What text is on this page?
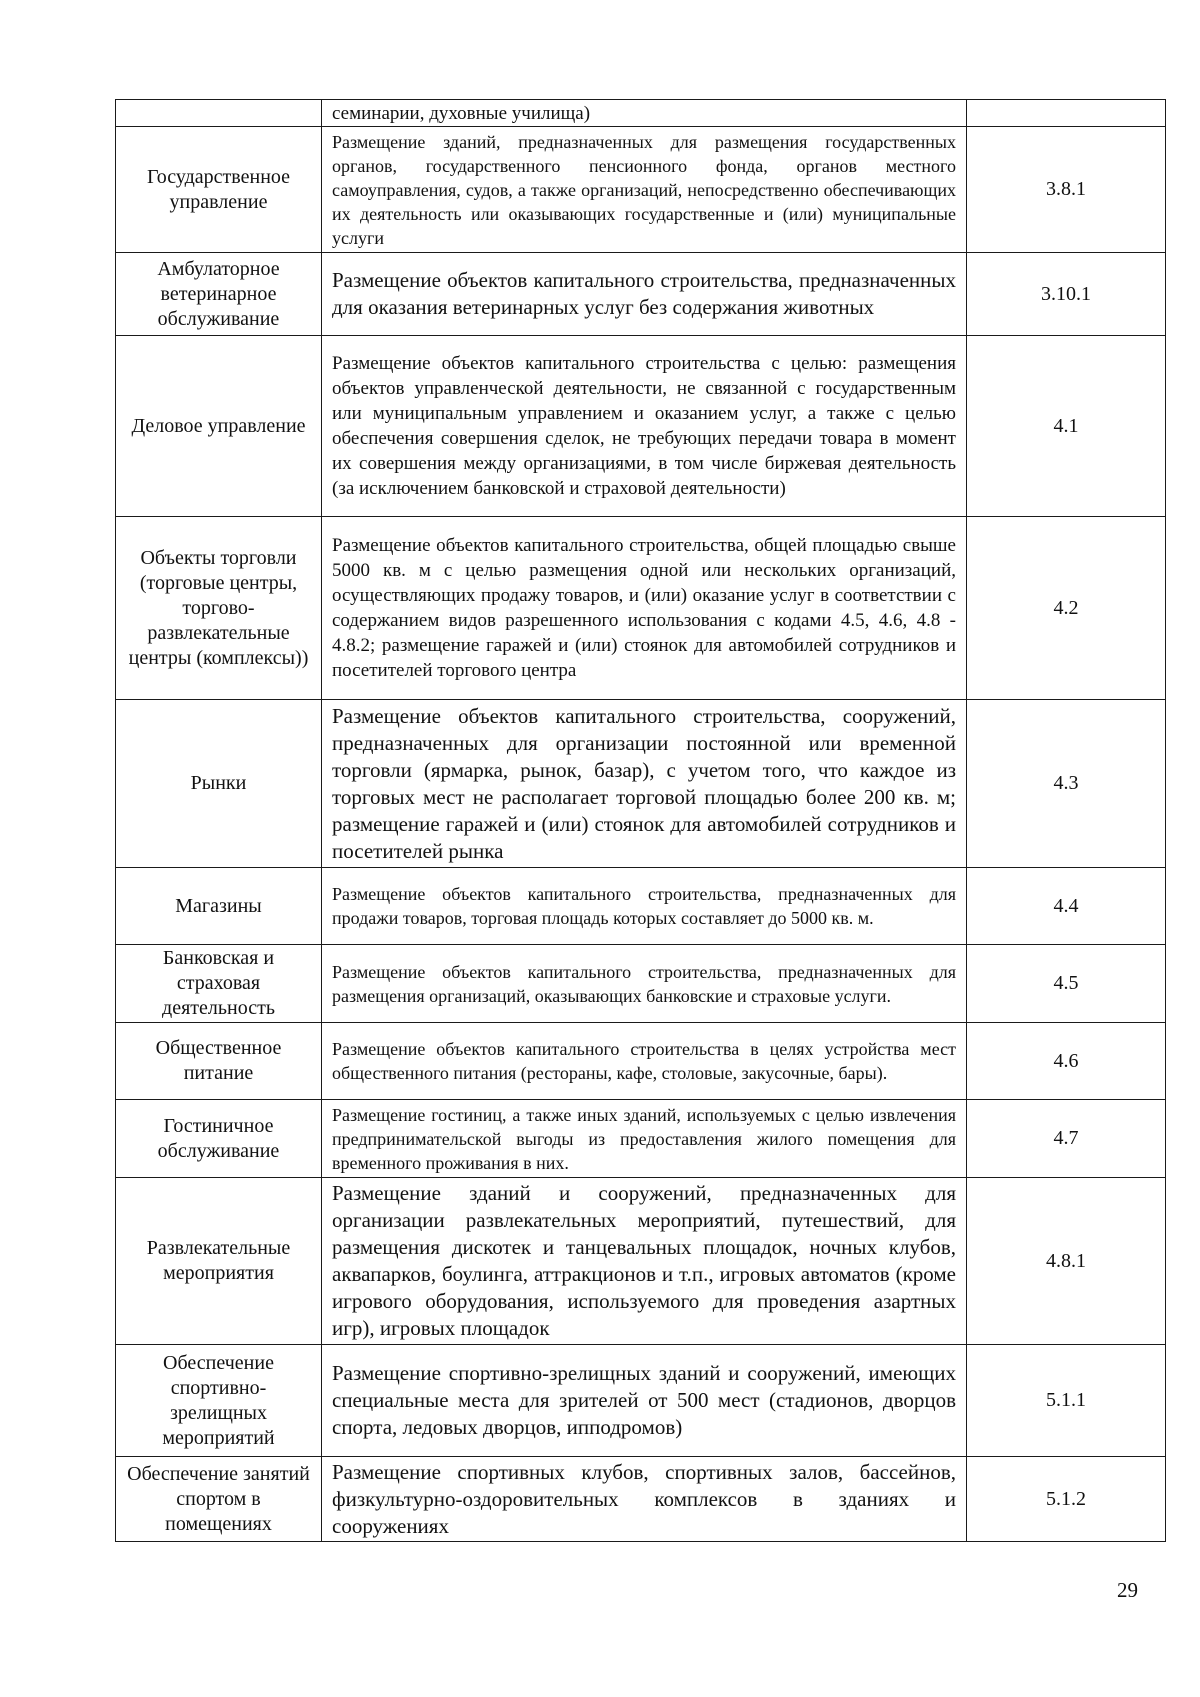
	семинарии, духовные училища)	
Государственное управление	Размещение зданий, предназначенных для размещения государственных органов, государственного пенсионного фонда, органов местного самоуправления, судов, а также организаций, непосредственно обеспечивающих их деятельность или оказывающих государственные и (или) муниципальные услуги	3.8.1
Амбулаторное ветеринарное обслуживание	Размещение объектов капитального строительства, предназначенных для оказания ветеринарных услуг без содержания животных	3.10.1
Деловое управление	Размещение объектов капитального строительства с целью: размещения объектов управленческой деятельности, не связанной с государственным или муниципальным управлением и оказанием услуг, а также с целью обеспечения совершения сделок, не требующих передачи товара в момент их совершения между организациями, в том числе биржевая деятельность (за исключением банковской и страховой деятельности)	4.1
Объекты торговли (торговые центры, торгово-развлекательные центры (комплексы))	Размещение объектов капитального строительства, общей площадью свыше 5000 кв. м с целью размещения одной или нескольких организаций, осуществляющих продажу товаров, и (или) оказание услуг в соответствии с содержанием видов разрешенного использования с кодами 4.5, 4.6, 4.8 - 4.8.2; размещение гаражей и (или) стоянок для автомобилей сотрудников и посетителей торгового центра	4.2
Рынки	Размещение объектов капитального строительства, сооружений, предназначенных для организации постоянной или временной торговли (ярмарка, рынок, базар), с учетом того, что каждое из торговых мест не располагает торговой площадью более 200 кв. м; размещение гаражей и (или) стоянок для автомобилей сотрудников и посетителей рынка	4.3
Магазины	Размещение объектов капитального строительства, предназначенных для продажи товаров, торговая площадь которых составляет до 5000 кв. м.	4.4
Банковская и страховая деятельность	Размещение объектов капитального строительства, предназначенных для размещения организаций, оказывающих банковские и страховые услуги.	4.5
Общественное питание	Размещение объектов капитального строительства в целях устройства мест общественного питания (рестораны, кафе, столовые, закусочные, бары).	4.6
Гостиничное обслуживание	Размещение гостиниц, а также иных зданий, используемых с целью извлечения предпринимательской выгоды из предоставления жилого помещения для временного проживания в них.	4.7
Развлекательные мероприятия	Размещение зданий и сооружений, предназначенных для организации развлекательных мероприятий, путешествий, для размещения дискотек и танцевальных площадок, ночных клубов, аквапарков, боулинга, аттракционов и т.п., игровых автоматов (кроме игрового оборудования, используемого для проведения азартных игр), игровых площадок	4.8.1
Обеспечение спортивно-зрелищных мероприятий	Размещение спортивно-зрелищных зданий и сооружений, имеющих специальные места для зрителей от 500 мест (стадионов, дворцов спорта, ледовых дворцов, ипподромов)	5.1.1
Обеспечение занятий спортом в помещениях	Размещение спортивных клубов, спортивных залов, бассейнов, физкультурно-оздоровительных комплексов в зданиях и сооружениях	5.1.2
29
